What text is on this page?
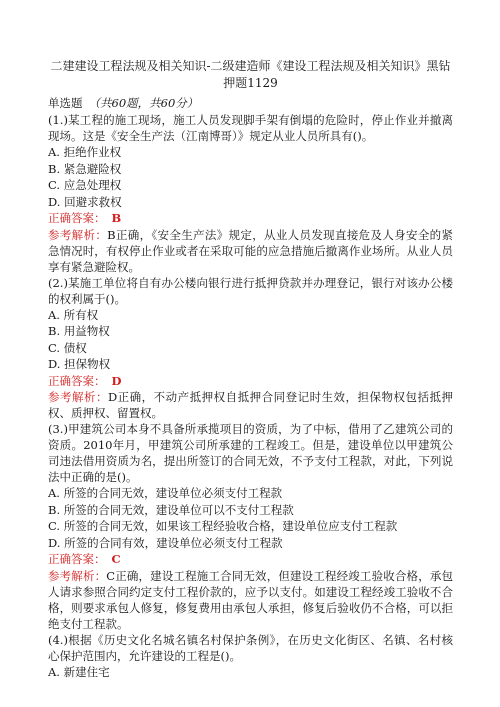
二建建设工程法规及相关知识-二级建造师《建设工程法规及相关知识》黑钻押题1129
单选题 （共60题，共60分）

(1.)某工程的施工现场，施工人员发现脚手架有倒塌的危险时，停止作业并撤离现场。这是《安全生产法（江南博哥）》规定从业人员所具有()。

A. 拒绝作业权

B. 紧急避险权

C. 应急处理权

D. 回避求救权

正确答案： B

参考解析：B正确，《安全生产法》规定，从业人员发现直接危及人身安全的紧急情况时，有权停止作业或者在采取可能的应急措施后撤离作业场所。从业人员享有紧急避险权。

(2.)某施工单位将自有办公楼向银行进行抵押贷款并办理登记，银行对该办公楼的权利属于()。

A. 所有权

B. 用益物权

C. 债权

D. 担保物权

正确答案： D

参考解析：D正确，不动产抵押权自抵押合同登记时生效，担保物权包括抵押权、质押权、留置权。

(3.)甲建筑公司本身不具备所承揽项目的资质，为了中标，借用了乙建筑公司的资质。2010年月，甲建筑公司所承建的工程竣工。但是，建设单位以甲建筑公司违法借用资质为名，提出所签订的合同无效，不予支付工程款，对此，下列说法中正确的是()。

A. 所签的合同无效，建设单位必须支付工程款

B. 所签的合同无效，建设单位可以不支付工程款

C. 所签的合同无效，如果该工程经验收合格，建设单位应支付工程款

D. 所签的合同有效，建设单位必须支付工程款

正确答案： C

参考解析：C正确，建设工程施工合同无效，但建设工程经竣工验收合格，承包人请求参照合同约定支付工程价款的，应予以支付。如建设工程经竣工验收不合格，则要求承包人修复，修复费用由承包人承担，修复后验收仍不合格，可以拒绝支付工程款。

(4.)根据《历史文化名城名镇名村保护条例》，在历史文化街区、名镇、名村核心保护范围内，允许建设的工程是()。

A. 新建住宅
